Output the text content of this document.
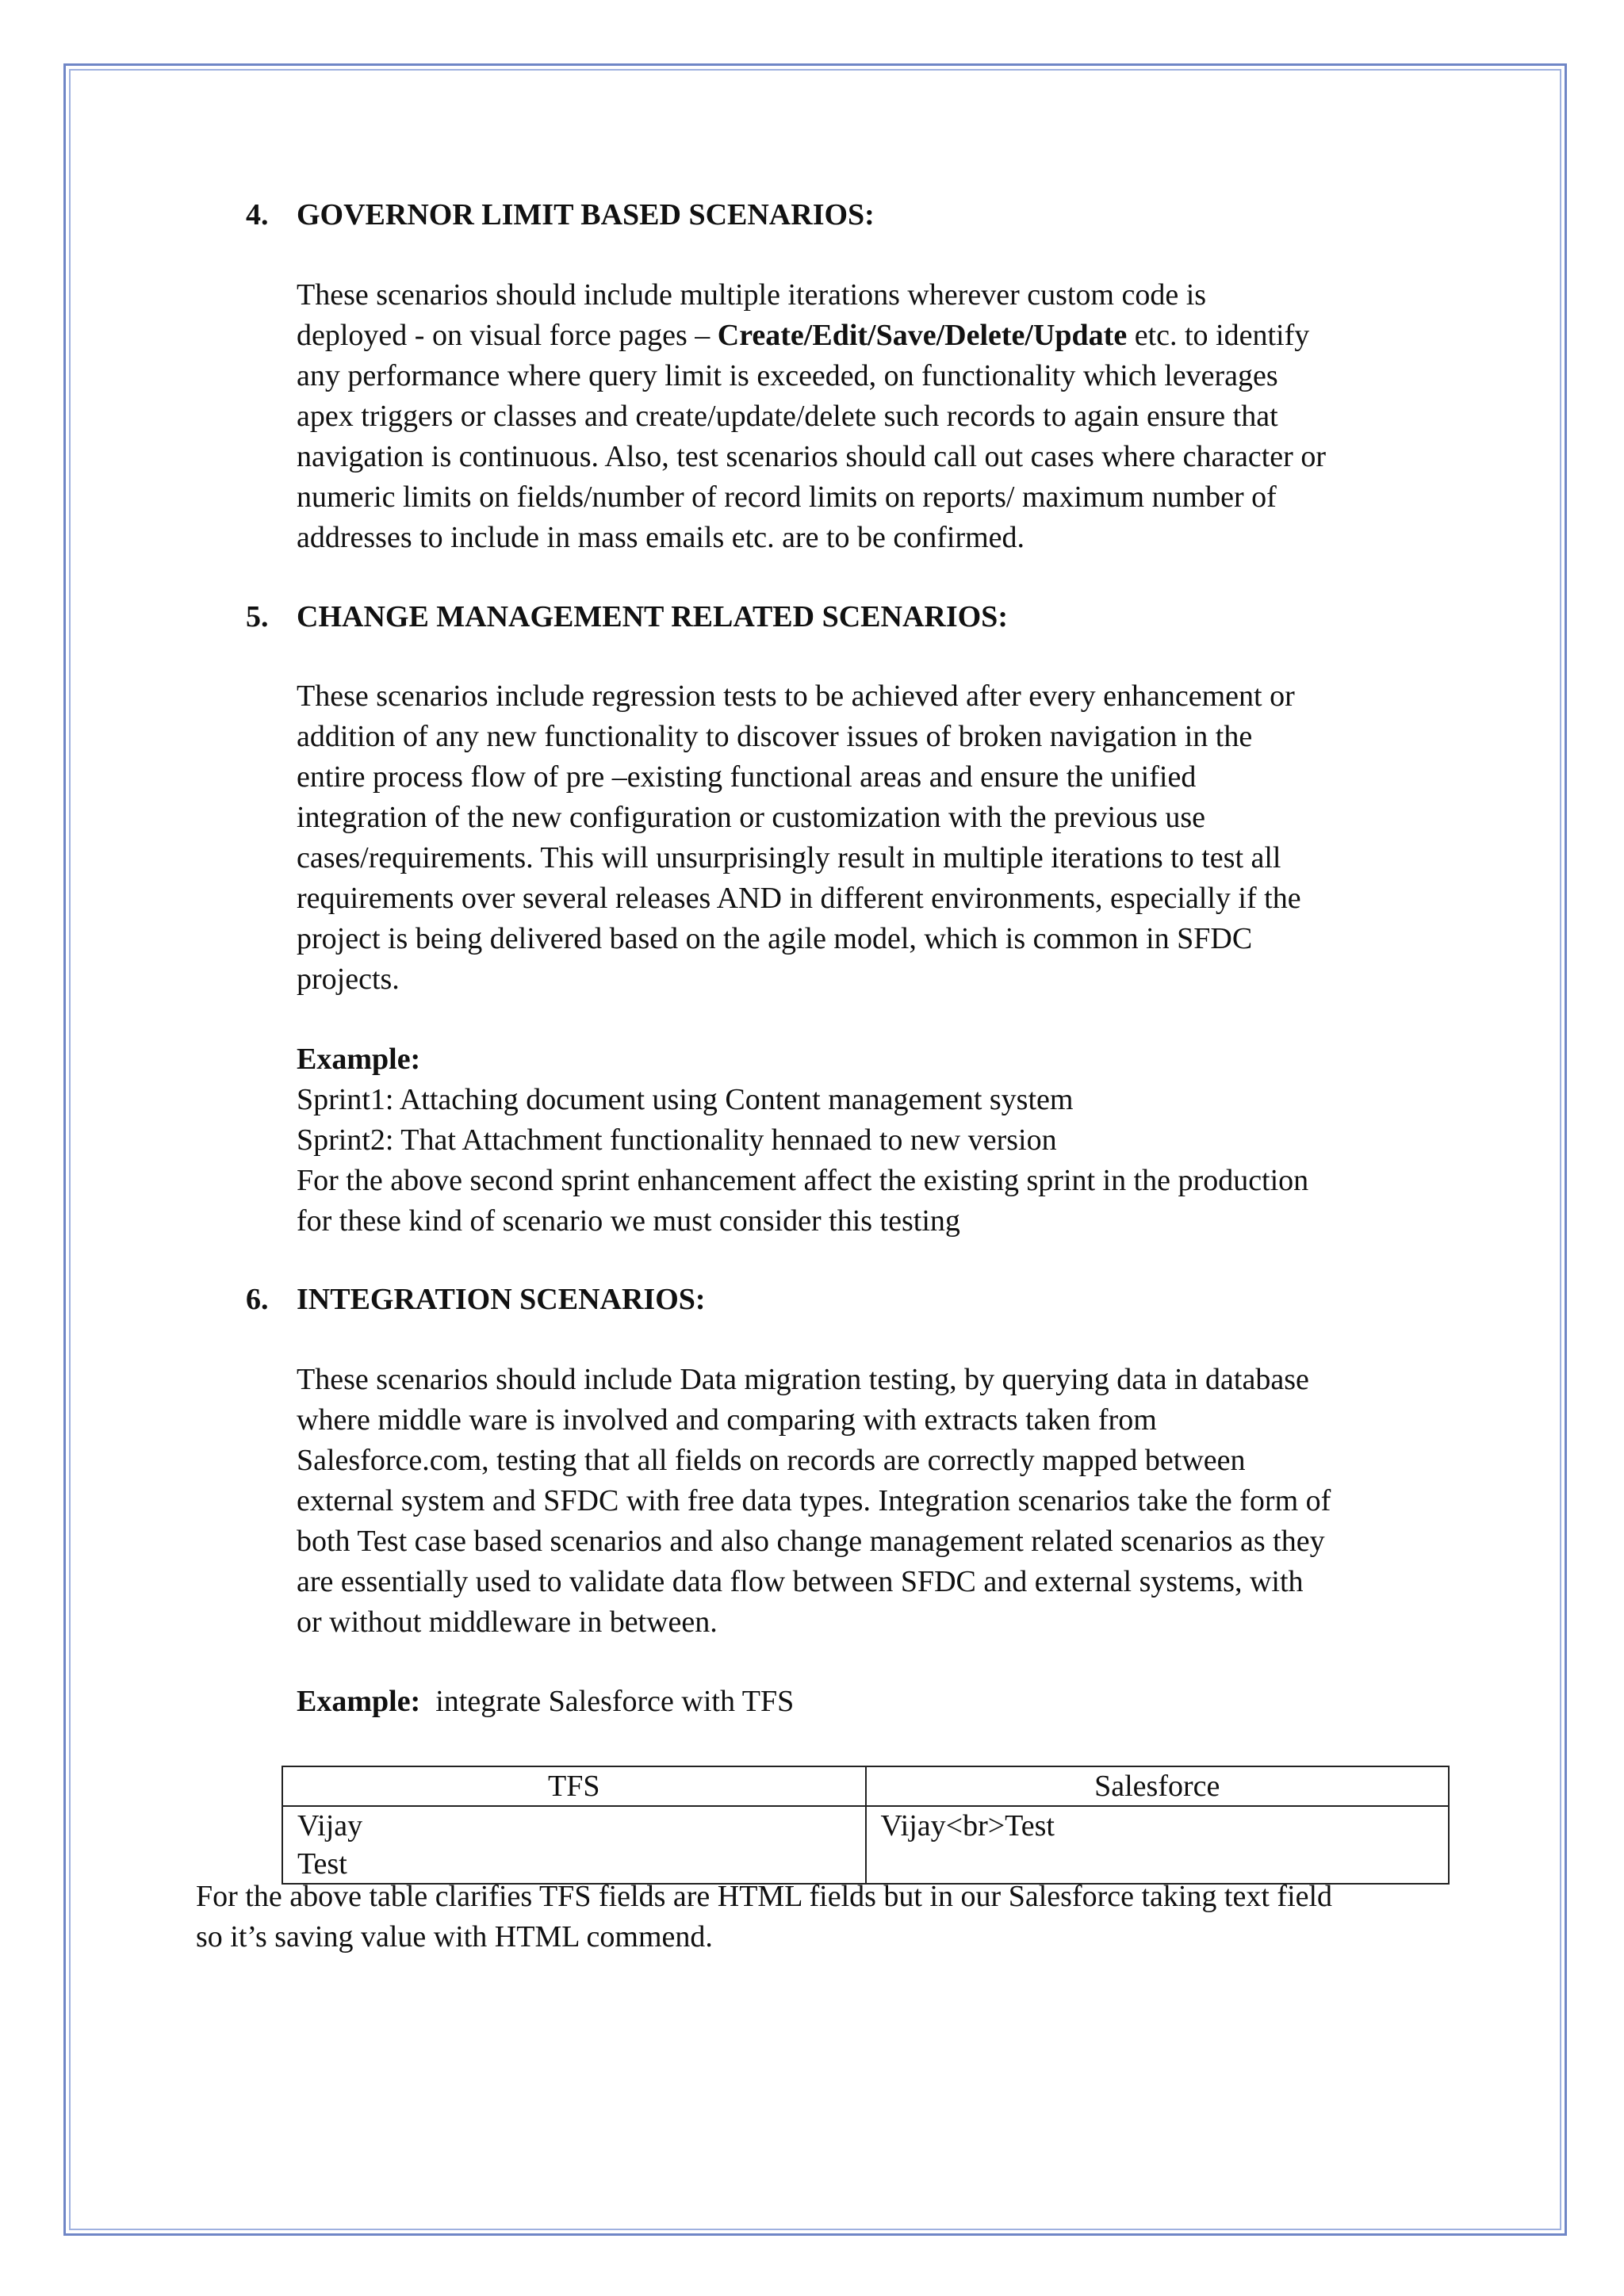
4. GOVERNOR LIMIT BASED SCENARIOS:
These scenarios should include multiple iterations wherever custom code is
deployed - on visual force pages – Create/Edit/Save/Delete/Update etc. to identify
any performance where query limit is exceeded, on functionality which leverages
apex triggers or classes and create/update/delete such records to again ensure that
navigation is continuous. Also, test scenarios should call out cases where character or
numeric limits on fields/number of record limits on reports/ maximum number of
addresses to include in mass emails etc. are to be confirmed.
5. CHANGE MANAGEMENT RELATED SCENARIOS:
These scenarios include regression tests to be achieved after every enhancement or
addition of any new functionality to discover issues of broken navigation in the
entire process flow of pre –existing functional areas and ensure the unified
integration of the new configuration or customization with the previous use
cases/requirements. This will unsurprisingly result in multiple iterations to test all
requirements over several releases AND in different environments, especially if the
project is being delivered based on the agile model, which is common in SFDC
projects.
Example:
Sprint1: Attaching document using Content management system
Sprint2: That Attachment functionality hennaed to new version
For the above second sprint enhancement affect the existing sprint in the production
for these kind of scenario we must consider this testing
6. INTEGRATION SCENARIOS:
These scenarios should include Data migration testing, by querying data in database
where middle ware is involved and comparing with extracts taken from
Salesforce.com, testing that all fields on records are correctly mapped between
external system and SFDC with free data types. Integration scenarios take the form of
both Test case based scenarios and also change management related scenarios as they
are essentially used to validate data flow between SFDC and external systems, with
or without middleware in between.
Example:  integrate Salesforce with TFS
TFS	Salesforce

Vijay
Test	Vijay<br>Test
For the above table clarifies TFS fields are HTML fields but in our Salesforce taking text field
so it’s saving value with HTML commend.
